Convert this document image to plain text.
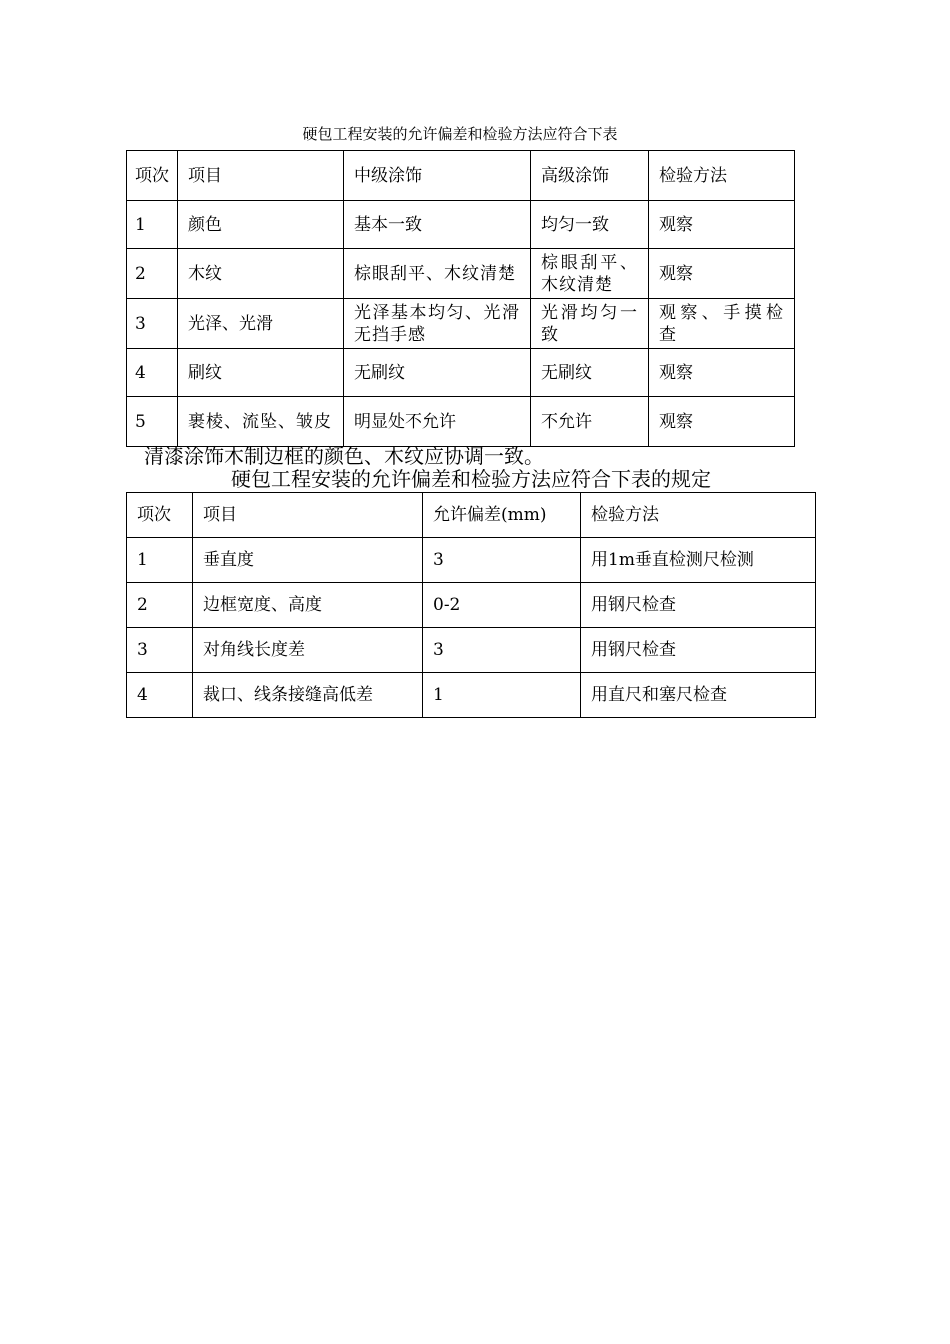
硬包工程安装的允许偏差和检验方法应符合下表
项次	项目	中级涂饰	高级涂饰	检验方法
1	颜色	基本一致	均匀一致	观察
2	木纹	棕眼刮平、木纹清楚	棕眼刮平、木纹清楚	观察
3	光泽、光滑	光泽基本均匀、光滑无挡手感	光滑均匀一致	观察、手摸检查
4	刷纹	无刷纹	无刷纹	观察
5	裹棱、流坠、皱皮	明显处不允许	不允许	观察
清漆涂饰木制边框的颜色、木纹应协调一致。
硬包工程安装的允许偏差和检验方法应符合下表的规定
项次	项目	允许偏差(mm)	检验方法
1	垂直度	3	用1m垂直检测尺检测
2	边框宽度、高度	0-2	用钢尺检查
3	对角线长度差	3	用钢尺检查
4	裁口、线条接缝高低差	1	用直尺和塞尺检查
